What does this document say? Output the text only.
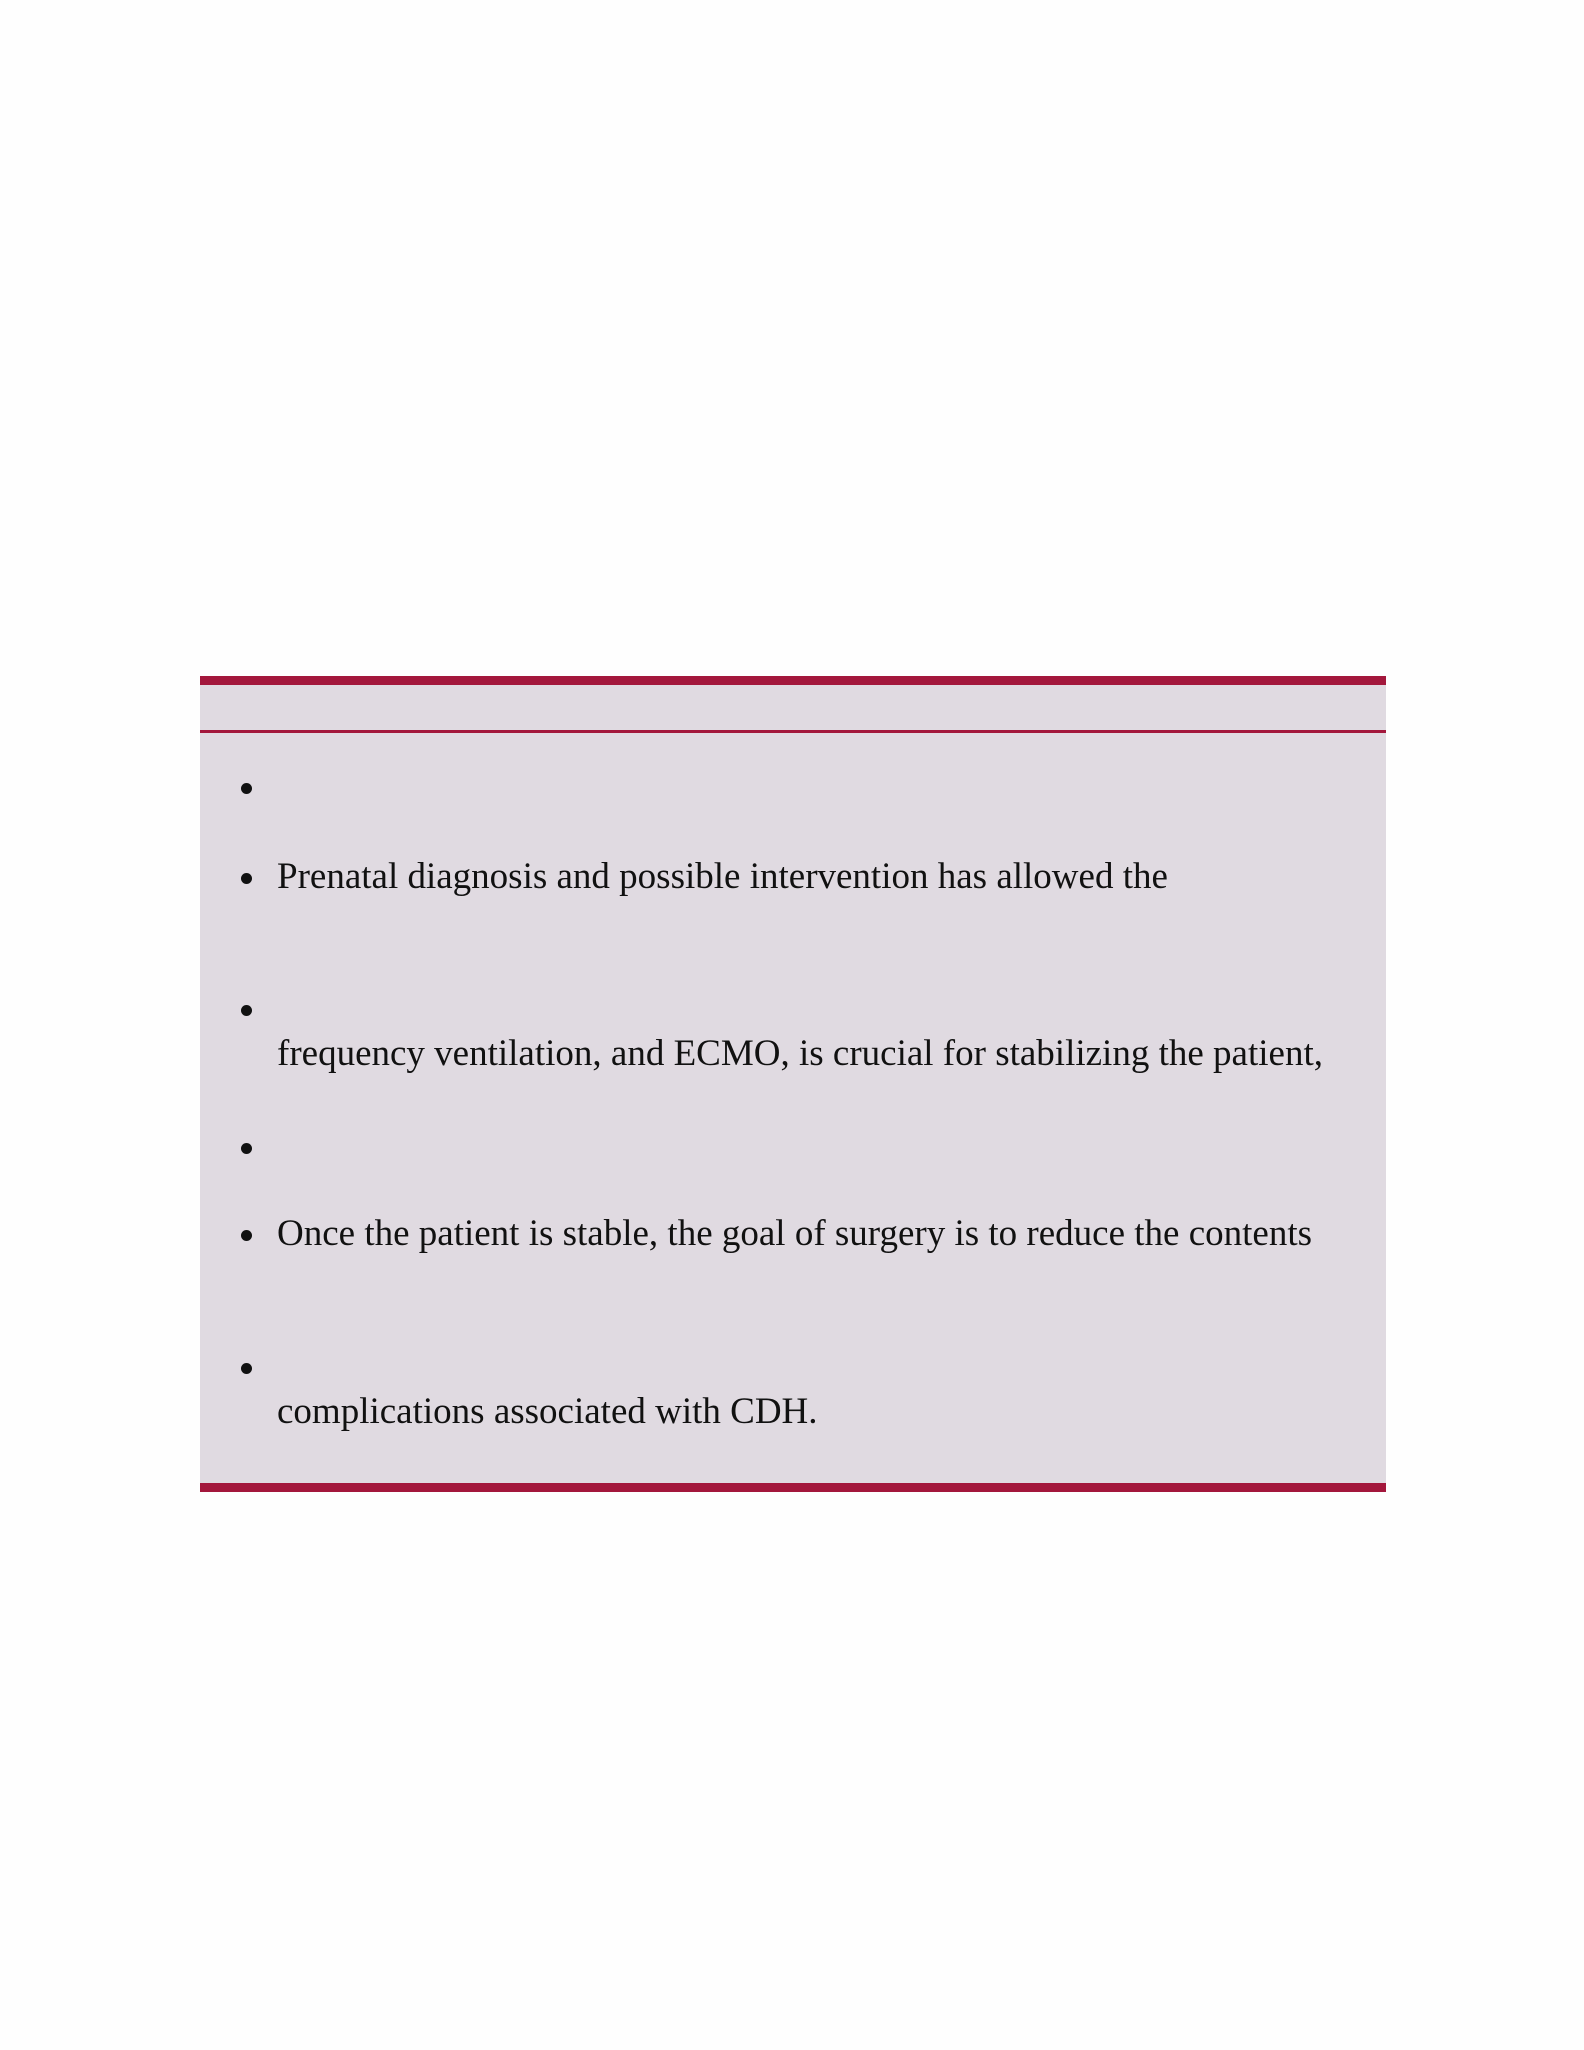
Prenatal diagnosis and possible intervention has allowed the
Once the patient is stable, the goal of surgery is to reduce the contents
frequency ventilation, and ECMO, is crucial for stabilizing the patient,
complications associated with CDH.
